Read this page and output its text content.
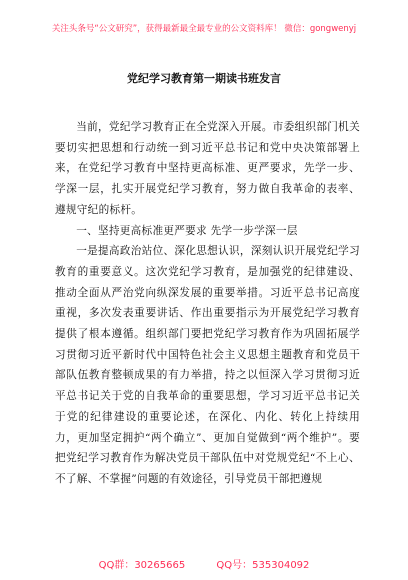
关注头条号“公文研究”，获得最新最全最专业的公文资料库！ 微信：gongwenyj
党纪学习教育第一期读书班发言

当前，党纪学习教育正在全党深入开展。市委组织部门机关要切实把思想和行动统一到习近平总书记和党中央决策部署上来，在党纪学习教育中坚持更高标准、更严要求，先学一步、学深一层，扎实开展党纪学习教育，努力做自我革命的表率、遵规守纪的标杆。

一、坚持更高标准更严要求 先学一步学深一层

一是提高政治站位、深化思想认识，深刻认识开展党纪学习教育的重要意义。这次党纪学习教育，是加强党的纪律建设、推动全面从严治党向纵深发展的重要举措。习近平总书记高度重视，多次发表重要讲话、作出重要指示为开展党纪学习教育提供了根本遵循。组织部门要把党纪学习教育作为巩固拓展学习贯彻习近平新时代中国特色社会主义思想主题教育和党员干部队伍教育整顿成果的有力举措，持之以恒深入学习贯彻习近平总书记关于党的自我革命的重要思想，学习习近平总书记关于党的纪律建设的重要论述，在深化、内化、转化上持续用力，更加坚定拥护“两个确立”、更加自觉做到“两个维护”。要把党纪学习教育作为解决党员干部队伍中对党规党纪“不上心、不了解、不掌握”问题的有效途径，引导党员干部把遵规

QQ群：30265665	QQ号：535304092
